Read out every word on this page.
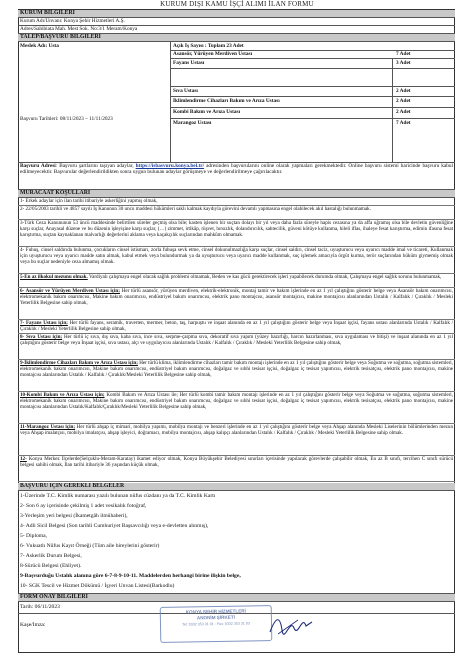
KURUM DIŞI KAMU İŞÇİ ALIMI İLAN FORMU
KURUM BİLGİLERİ
Kurum Adı/Unvanı: Konya Şehir Hizmetleri A.Ş.
Adres/Sahibiata Mah. Mest Sok. No:3/1 Meram/Konya
TALEP/BAŞVURU BİLGİLERİ
Meslek Adı: Usta
Başvuru Tarihleri: 08/11/2023 – 11/11/2023
Açık İş Sayısı : Toplam 23 Adet
Asansör, Yürüyen Merdiven Ustası	7 Adet
Fayans Ustası	3 Adet
Sıva Ustası	2 Adet
İklimlendirme Cihazları Bakım ve Arıza Ustası	2 Adet
Kombi Bakım ve Arıza Ustası	2 Adet
Marangoz Ustası	7 Adet
Başvuru Adresi: Başvuru şartlarını taşıyan adaylar, https://isbasvuru.konya.bel.tr/ adresinden başvurularını online olarak yapmaları gerekmektedir. Online başvuru sistemi haricinde başvuru kabul edilmeyecektir. Başvurular değerlendirildikten sonra uygun bulunan adaylar görüşmeye ve değerlendirilmeye çağırılacaktır.
MÜRACAAT KOŞULLARI
1- Erkek adaylar için ilan tarihi itibariyle askerliğini yapmış olmak,
2- 22/05/2003 tarihli ve 4857 sayılı İş Kanunun 30 uncu maddesi hükümleri saklı kalmak kaydıyla görevini devamlı yapmasına engel olabilecek akıl hastalığı bulunmamak.
3-Türk Ceza Kanununun 53 üncü maddesinde belirtilen süreler geçmiş olsa bile; kasten işlenen bir suçtan dolayı bir yıl veya daha fazla süreyle hapis cezasına ya da affa uğramış olsa bile devletin güvenliğine karşı suçlar, Anayasal düzene ve bu düzenin işleyişine karşı suçlar, (…) zimmet, irtikâp, rüşvet, hırsızlık, dolandırıcılık, sahtecilik, güveni kötüye kullanma, hileli iflas, ihaleye fesat karıştırma, edimin ifasına fesat karıştırma, suçtan kaynaklanan malvarlığı değerlerini aklama veya kaçakçılık suçlarından mahkûm olmamak.
4- Fuhuş, cinsel saldırıda bulunma, çocukların cinsel istismarı, zorla fuhuşa sevk etme, cinsel dokunulmazlığa karşı suçlar, cinsel saldırı, cinsel taciz, uyuşturucu veya uyarıcı madde imal ve ticareti, Kullanmak için uyuşturucu veya uyarıcı madde satın almak, kabul etmek veya bulundurmak ya da uyuşturucu veya uyarıcı madde kullanmak, suç işlemek amacıyla örgüt kurma, terör suçlarından hüküm giymemiş olmak veya bu suçlar nedeniyle ceza almamış olmak.
5-En az ilkokul mezunu olmak. Vardiyalı çalışmaya engel olacak sağlık problemi olmamak, Beden ve kas gücü gerektirecek işleri yapabilecek durumda olmak, Çalışmaya engel sağlık sorunu bulunmamak,
6- Asansör ve Yürüyen Merdiven Ustası için; Her türlü asansör, yürüyen merdiven, elektrik-elektronik, montaj tamir ve bakım işlerinde en az 1 yıl çalıştığını gösterir belge veya Asansör bakım onarımcısı, elektromekanik bakım onarımcısı, Makine bakım onarımcısı, endüstriyel bakım onarımcısı, elektrik pano montajcısı, asansör montajcısı, makine montajcısı alanlarından Ustalık / Kalfalık / Çıraklık / Mesleki Yeterlilik Belgesine sahip olmak,
7- Fayans Ustası için; Her türlü fayans, seramik, traverten, mermer, beton, taş, harpuştu ve inşaat alanında en az 1 yıl çalıştığını gösterir belge veya İnşaat işçisi, fayans ustası alanlarında Ustalık / Kalfalık / Çıraklık / Mesleki Yeterlilik Belgesine sahip olmak,
8- Sıva Ustası için; Her türlü iç sıva, dış sıva, kaba sıva, ince sıva, serpme-çarpma sıva, dekoratif sıva yapım (yüzey hazırlığı, harcın hazırlanması, sıva uygulaması ve bitişi) ve inşaat alanında en az 1 yıl çalıştığını gösterir belge veya İnşaat işçisi, sıva ustası, alçı ve uygulayıcısı alanlarında Ustalık / Kalfalık / Çıraklık / Mesleki Yeterlilik Belgesine sahip olmak,
9-İklimlendirme Cihazları Bakım ve Arıza Ustası için; Her türlü klima, iklimlendirme cihazları tamir bakım montajı işlerinde en az 1 yıl çalıştığını gösterir belge veya Soğutma ve soğutma, soğutma sistemleri, elektromekanik bakım onarımcısı, Makine bakım onarımcısı, endüstriyel bakım onarımcısı, doğalgaz ve sıhhi tesisat işçisi, doğalgaz iç tesisat yapımcısı, elektrik tesisatçısı, elektrik pano montajcısı, makine montajcısı alanlarından Ustalık / Kalfalık / Çıraklık/Mesleki Yeterlilik Belgesine sahip olmak,
10-Kombi Bakım ve Arıza Ustası için; Kombi Bakım ve Arıza Ustası ile; Her türlü kombi tamir bakım montajı işlerinde en az 1 yıl çalıştığını gösterir belge veya Soğutma ve soğutma, soğutma sistemleri, elektromekanik bakım onarımcısı, Makine bakım onarımcısı, endüstriyel bakım onarımcısı, doğalgaz ve sıhhi tesisat işçisi, doğalgaz iç tesisat yapımcısı, elektrik tesisatçısı, elektrik pano montajcısı, makine montajcısı alanlarından Ustalık/Kalfalık/Çıraklık/Mesleki Yeterlilik Belgesine sahip olmak,
11-Marangoz Ustası için; Her türlü ahşap iç mimari, mobilya yapımı, mobilya montajı ve benzeri işlerinde en az 1 yıl çalıştığını gösterir belge veya Ahşap alanında Mesleki Liselerinin bölümlerinden mezun veya Ahşap imalatçısı, mobilya imalatçısı, ahşap işleyici, doğramacı, mobilya montajcısı, ahşap kalıpçı alanlarından Ustalık / Kalfalık / Çıraklık / Mesleki Yeterlilik Belgesine sahip olmak.
12- Konya Merkez İlçelerde(Selçuklu-Meram-Karatay) ikamet ediyor olmak, Konya Büyükşehir Belediyesi sınırları içerisinde yapılacak görevlerde çalışabilir olmak, En az B sınıfı, tercihen C sınıfı sürücü belgesi sahibi olmak, İlan tarihi itibariyle 36 yaşından küçük olmak,
BAŞVURU İÇİN GEREKLİ BELGELER
1-Üzerinde T.C. Kimlik numarası yazılı bulunan nüfus cüzdanı ya da T.C. Kimlik Kartı
2- Son 6 ay içerisinde çekilmiş 1 adet vesikalık fotoğraf,
3-Yerleşim yeri belgesi (İkametgâh ilmühaberi),
4- Adli Sicil Belgesi (Son tarihli Cumhuriyet Başsavcılığı veya e-devletten alınmış),
5- Diploma,
6- Vukuatlı Nüfus Kayıt Örneği (Tüm aile bireylerini gösterir)
7- Askerlik Durum Belgesi,
8-Sürücü Belgesi (Ehliyet).
9-Başvurduğu Ustalık alanına göre 6-7-8-9-10-11. Maddelerden herhangi birine ilişkin belge,
10- SGK Tescil ve Hizmet Dökümü / İşyeri Unvan Listesi(Barkodlu)
FORM ONAY BİLGİLERİ
Tarih: 06/11/2023
Kaşe/İmza:
KONYA ŞEHİR HİZMETLERİ
ANONİM ŞİRKETİ
Tel: 0332 353 31 01 - Fax: 0332 353 31 03
